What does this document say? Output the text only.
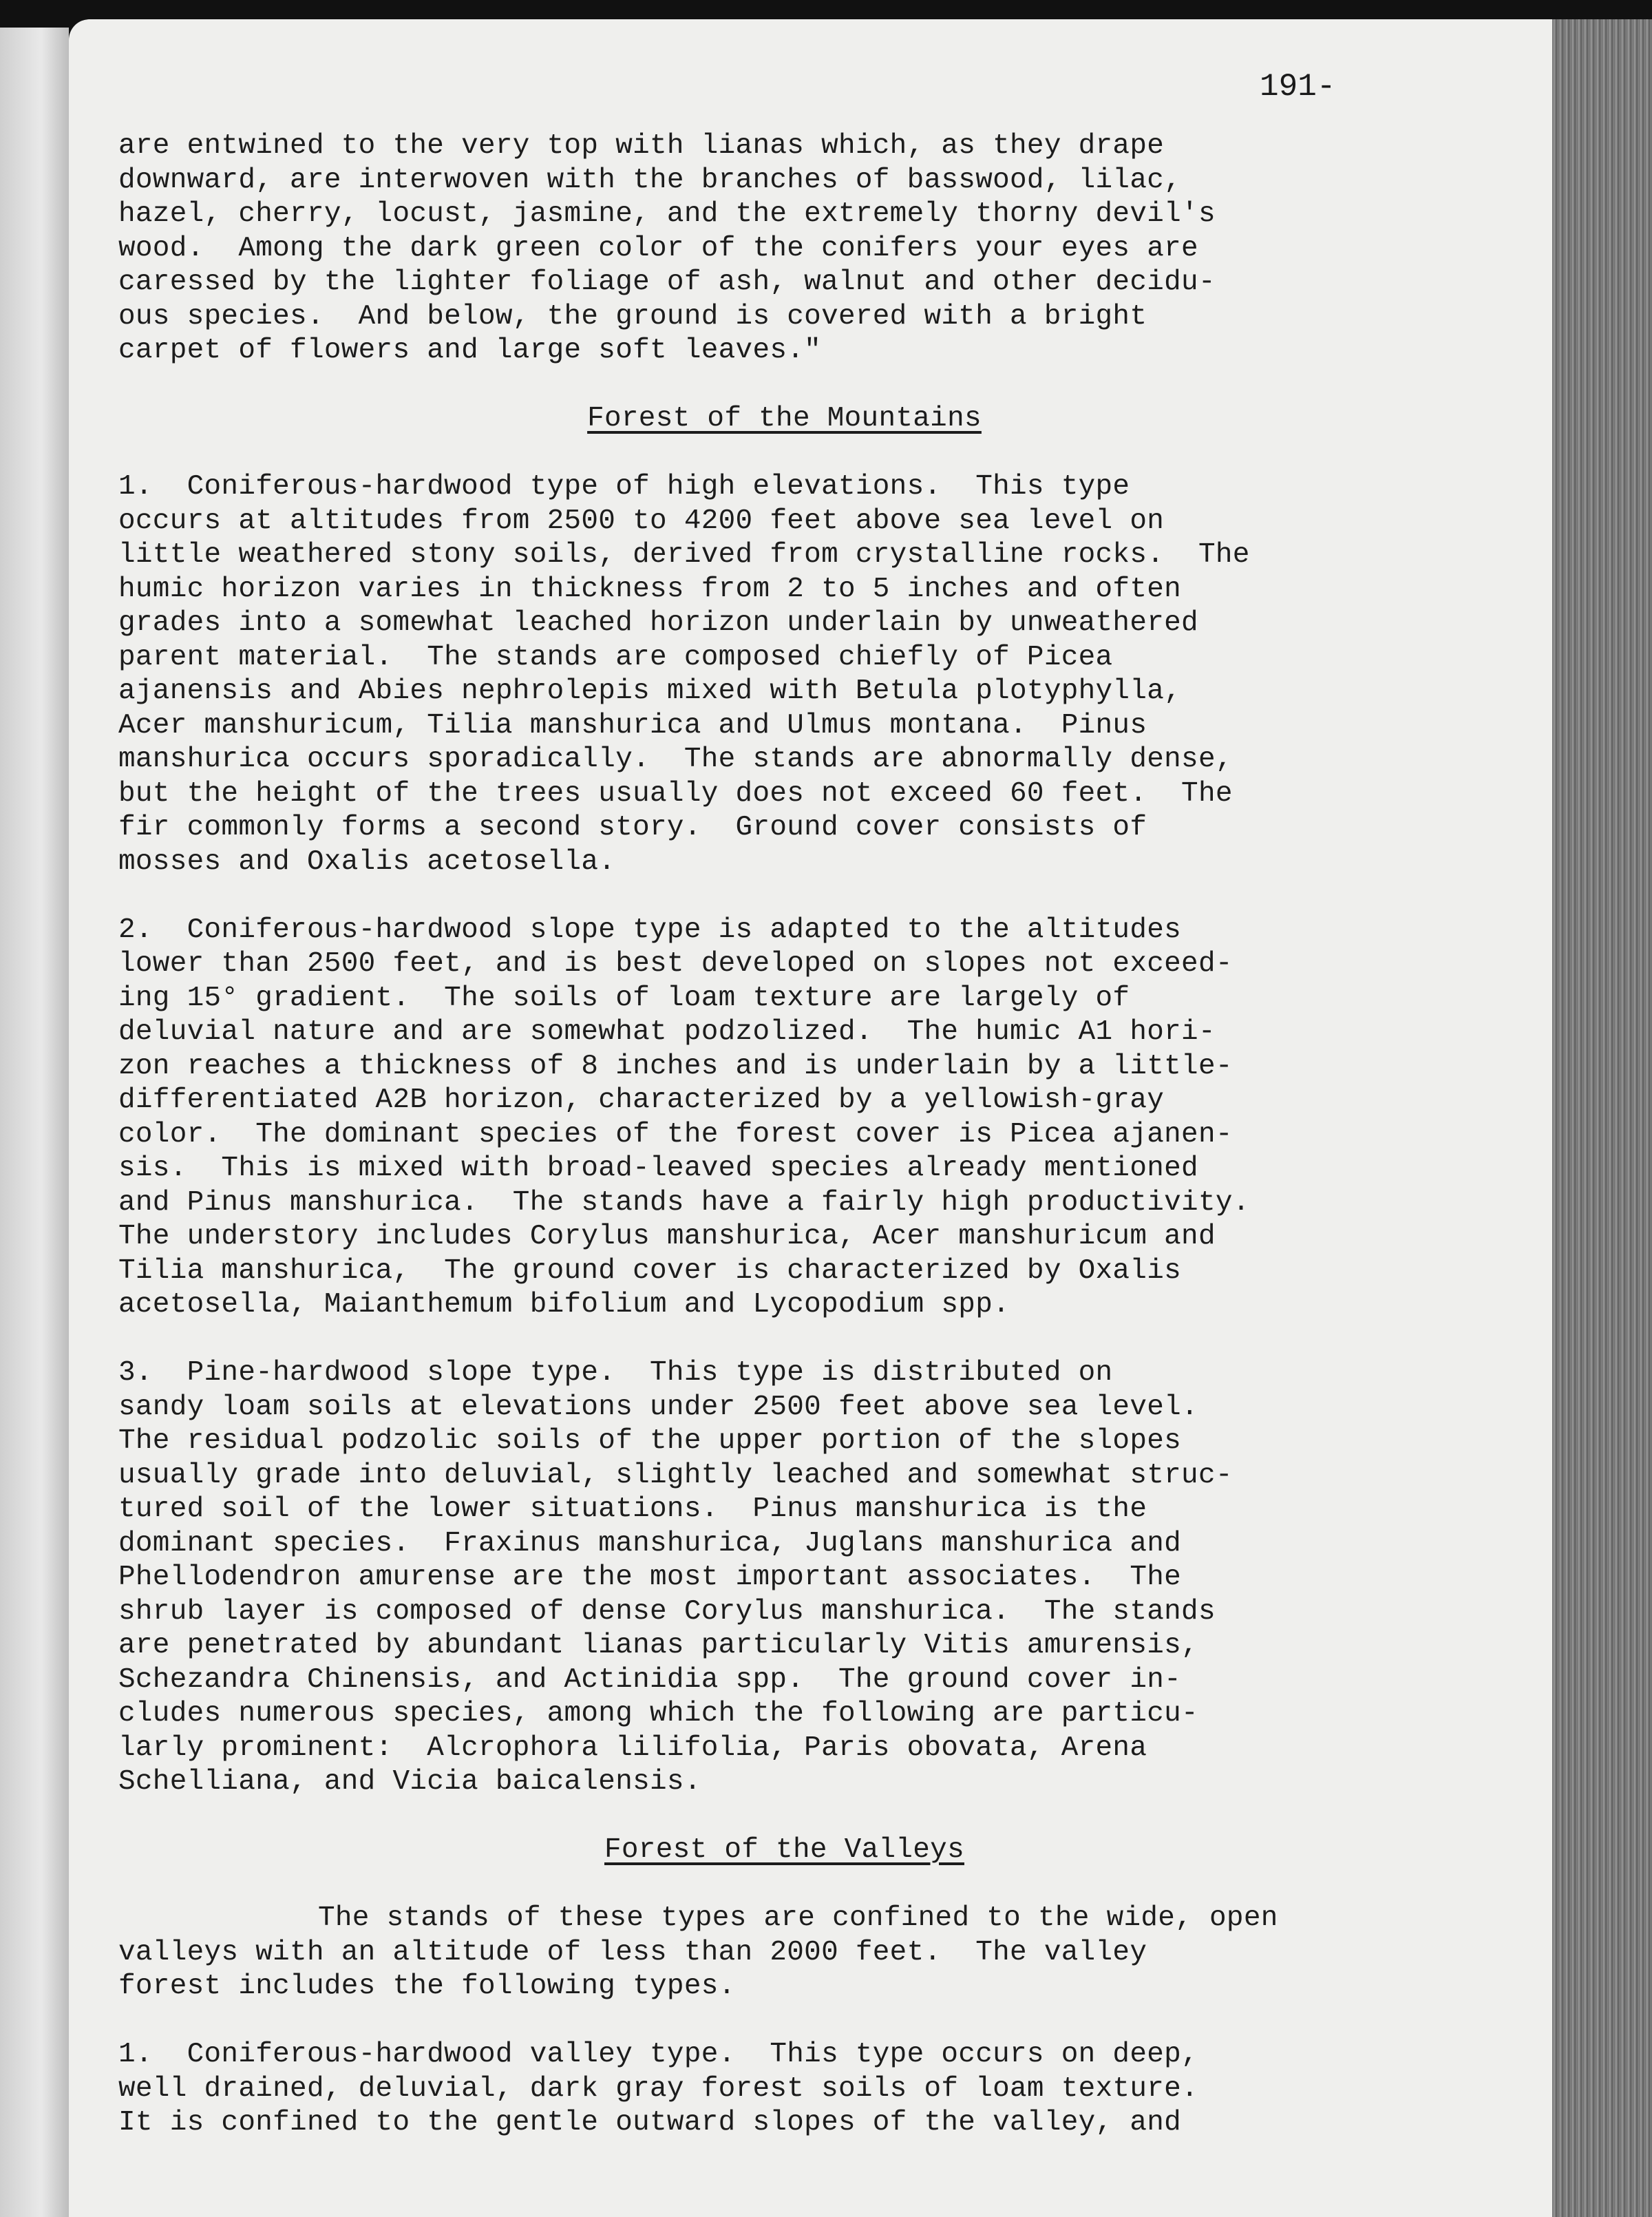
191-
are entwined to the very top with lianas which, as they drape
downward, are interwoven with the branches of basswood, lilac,
hazel, cherry, locust, jasmine, and the extremely thorny devil's
wood.  Among the dark green color of the conifers your eyes are
caressed by the lighter foliage of ash, walnut and other decidu-
ous species.  And below, the ground is covered with a bright
carpet of flowers and large soft leaves."
Forest of the Mountains
1.  Coniferous-hardwood type of high elevations.  This type
occurs at altitudes from 2500 to 4200 feet above sea level on
little weathered stony soils, derived from crystalline rocks.  The
humic horizon varies in thickness from 2 to 5 inches and often
grades into a somewhat leached horizon underlain by unweathered
parent material.  The stands are composed chiefly of Picea
ajanensis and Abies nephrolepis mixed with Betula plotyphylla,
Acer manshuricum, Tilia manshurica and Ulmus montana.  Pinus
manshurica occurs sporadically.  The stands are abnormally dense,
but the height of the trees usually does not exceed 60 feet.  The
fir commonly forms a second story.  Ground cover consists of
mosses and Oxalis acetosella.
2.  Coniferous-hardwood slope type is adapted to the altitudes
lower than 2500 feet, and is best developed on slopes not exceed-
ing 15° gradient.  The soils of loam texture are largely of
deluvial nature and are somewhat podzolized.  The humic A1 hori-
zon reaches a thickness of 8 inches and is underlain by a little-
differentiated A2B horizon, characterized by a yellowish-gray
color.  The dominant species of the forest cover is Picea ajanen-
sis.  This is mixed with broad-leaved species already mentioned
and Pinus manshurica.  The stands have a fairly high productivity.
The understory includes Corylus manshurica, Acer manshuricum and
Tilia manshurica,  The ground cover is characterized by Oxalis
acetosella, Maianthemum bifolium and Lycopodium spp.
3.  Pine-hardwood slope type.  This type is distributed on
sandy loam soils at elevations under 2500 feet above sea level.
The residual podzolic soils of the upper portion of the slopes
usually grade into deluvial, slightly leached and somewhat struc-
tured soil of the lower situations.  Pinus manshurica is the
dominant species.  Fraxinus manshurica, Juglans manshurica and
Phellodendron amurense are the most important associates.  The
shrub layer is composed of dense Corylus manshurica.  The stands
are penetrated by abundant lianas particularly Vitis amurensis,
Schezandra Chinensis, and Actinidia spp.  The ground cover in-
cludes numerous species, among which the following are particu-
larly prominent:  Alcrophora lilifolia, Paris obovata, Arena
Schelliana, and Vicia baicalensis.
Forest of the Valleys
The stands of these types are confined to the wide, open
valleys with an altitude of less than 2000 feet.  The valley
forest includes the following types.
1.  Coniferous-hardwood valley type.  This type occurs on deep,
well drained, deluvial, dark gray forest soils of loam texture.
It is confined to the gentle outward slopes of the valley, and
